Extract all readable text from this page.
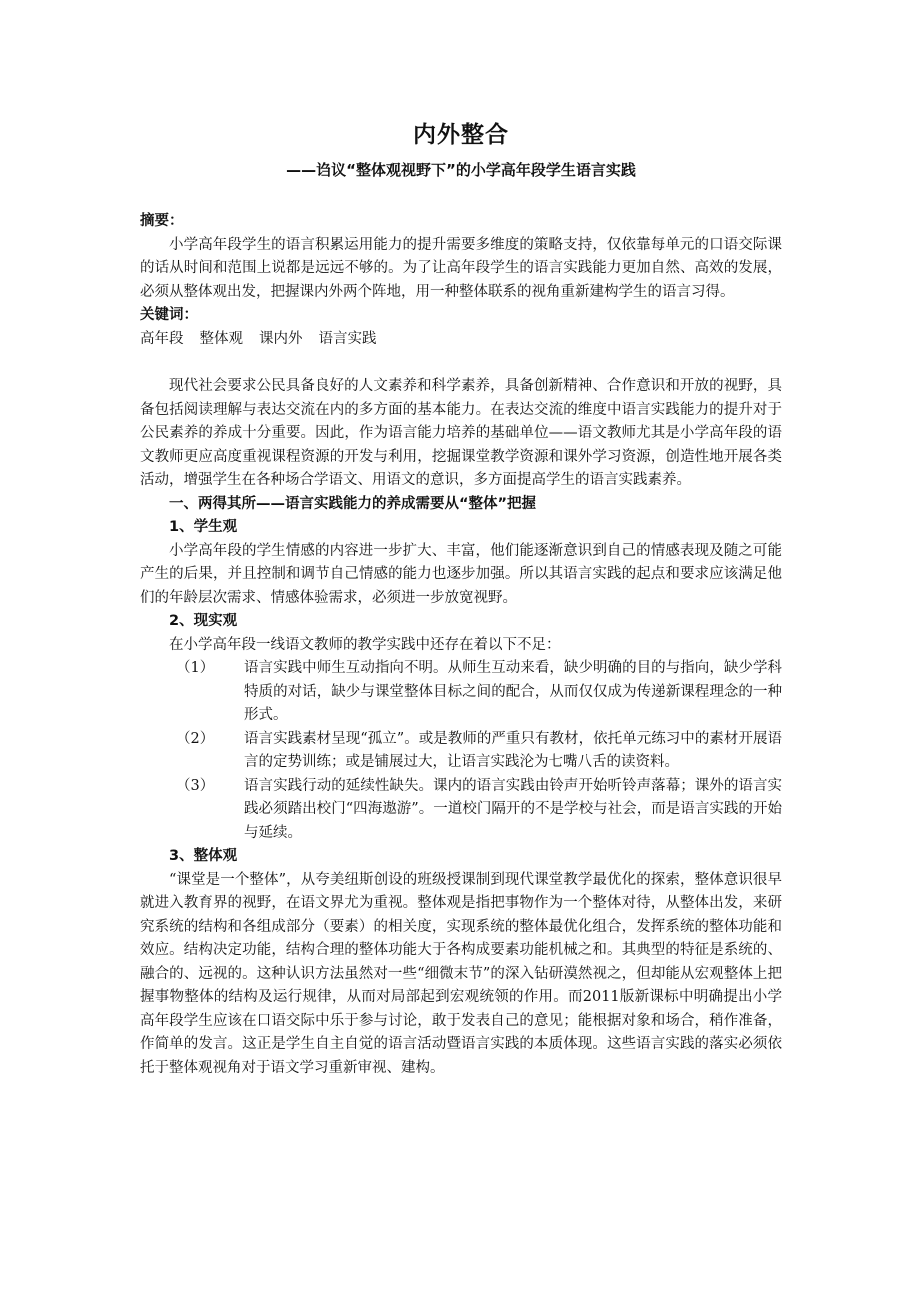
内外整合
——诌议“整体观视野下”的小学高年段学生语言实践
摘要：

小学高年段学生的语言积累运用能力的提升需要多维度的策略支持，仅依靠每单元的口语交际课的话从时间和范围上说都是远远不够的。为了让高年段学生的语言实践能力更加自然、高效的发展，必须从整体观出发，把握课内外两个阵地，用一种整体联系的视角重新建构学生的语言习得。

关键词：

高年段 整体观 课内外 语言实践

现代社会要求公民具备良好的人文素养和科学素养，具备创新精神、合作意识和开放的视野，具备包括阅读理解与表达交流在内的多方面的基本能力。在表达交流的维度中语言实践能力的提升对于公民素养的养成十分重要。因此，作为语言能力培养的基础单位——语文教师尤其是小学高年段的语文教师更应高度重视课程资源的开发与利用，挖掘课堂教学资源和课外学习资源，创造性地开展各类活动，增强学生在各种场合学语文、用语文的意识，多方面提高学生的语言实践素养。

一、两得其所——语言实践能力的养成需要从“整体”把握
1、学生观

小学高年段的学生情感的内容进一步扩大、丰富，他们能逐渐意识到自己的情感表现及随之可能产生的后果，并且控制和调节自己情感的能力也逐步加强。所以其语言实践的起点和要求应该满足他们的年龄层次需求、情感体验需求，必须进一步放宽视野。

2、现实观

在小学高年段一线语文教师的教学实践中还存在着以下不足：

（1）	语言实践中师生互动指向不明。从师生互动来看，缺少明确的目的与指向，缺少学科特质的对话，缺少与课堂整体目标之间的配合，从而仅仅成为传递新课程理念的一种形式。
（2）	语言实践素材呈现“孤立”。或是教师的严重只有教材，依托单元练习中的素材开展语言的定势训练；或是铺展过大，让语言实践沦为七嘴八舌的读资料。
（3）	语言实践行动的延续性缺失。课内的语言实践由铃声开始听铃声落幕；课外的语言实践必须踏出校门“四海遨游”。一道校门隔开的不是学校与社会，而是语言实践的开始与延续。
3、整体观

“课堂是一个整体”，从夸美纽斯创设的班级授课制到现代课堂教学最优化的探索，整体意识很早就进入教育界的视野，在语文界尤为重视。整体观是指把事物作为一个整体对待，从整体出发，来研究系统的结构和各组成部分（要素）的相关度，实现系统的整体最优化组合，发挥系统的整体功能和效应。结构决定功能，结构合理的整体功能大于各构成要素功能机械之和。其典型的特征是系统的、融合的、远视的。这种认识方法虽然对一些“细微末节”的深入钻研漠然视之，但却能从宏观整体上把握事物整体的结构及运行规律，从而对局部起到宏观统领的作用。而2011版新课标中明确提出小学高年段学生应该在口语交际中乐于参与讨论，敢于发表自己的意见；能根据对象和场合，稍作准备，作简单的发言。这正是学生自主自觉的语言活动暨语言实践的本质体现。这些语言实践的落实必须依托于整体观视角对于语文学习重新审视、建构。
